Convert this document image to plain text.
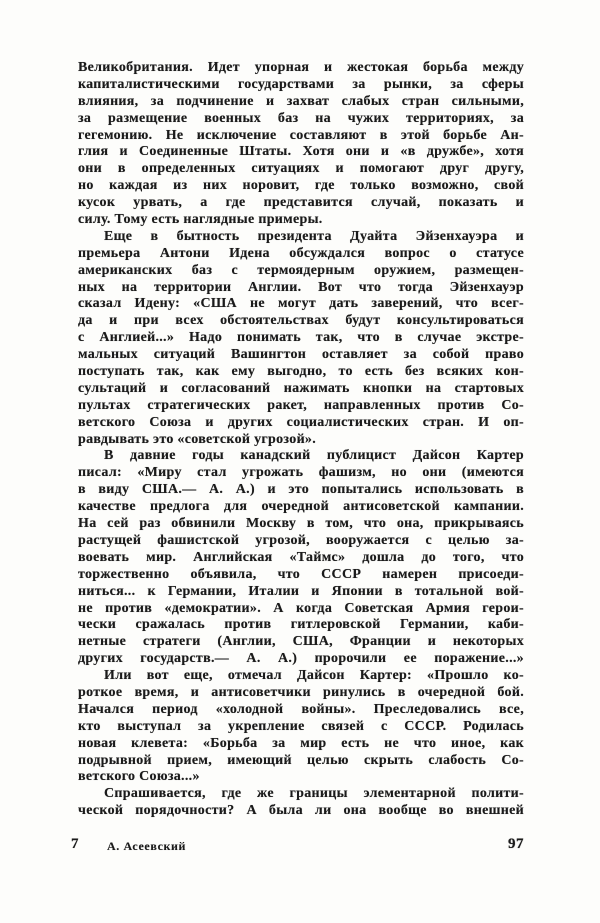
Великобритания. Идет упорная и жестокая борьба между
капиталистическими государствами за рынки, за сферы
влияния, за подчинение и захват слабых стран сильными,
за размещение военных баз на чужих территориях, за
гегемонию. Не исключение составляют в этой борьбе Ан-
глия и Соединенные Штаты. Хотя они и «в дружбе», хотя
они в определенных ситуациях и помогают друг другу,
но каждая из них норовит, где только возможно, свой
кусок урвать, а где представится случай, показать и
силу. Тому есть наглядные примеры.
Еще в бытность президента Дуайта Эйзенхауэра и
премьера Антони Идена обсуждался вопрос о статусе
американских баз с термоядерным оружием, размещен-
ных на территории Англии. Вот что тогда Эйзенхауэр
сказал Идену: «США не могут дать заверений, что всег-
да и при всех обстоятельствах будут консультироваться
с Англией...» Надо понимать так, что в случае экстре-
мальных ситуаций Вашингтон оставляет за собой право
поступать так, как ему выгодно, то есть без всяких кон-
сультаций и согласований нажимать кнопки на стартовых
пультах стратегических ракет, направленных против Со-
ветского Союза и других социалистических стран. И оп-
равдывать это «советской угрозой».
В давние годы канадский публицист Дайсон Картер
писал: «Миру стал угрожать фашизм, но они (имеются
в виду США.— А. А.) и это попытались использовать в
качестве предлога для очередной антисоветской кампании.
На сей раз обвинили Москву в том, что она, прикрываясь
растущей фашистской угрозой, вооружается с целью за-
воевать мир. Английская «Таймс» дошла до того, что
торжественно объявила, что СССР намерен присоеди-
ниться... к Германии, Италии и Японии в тотальной вой-
не против «демократии». А когда Советская Армия герои-
чески сражалась против гитлеровской Германии, каби-
нетные стратеги (Англии, США, Франции и некоторых
других государств.— А. А.) пророчили ее поражение...»
Или вот еще, отмечал Дайсон Картер: «Прошло ко-
роткое время, и антисоветчики ринулись в очередной бой.
Начался период «холодной войны». Преследовались все,
кто выступал за укрепление связей с СССР. Родилась
новая клевета: «Борьба за мир есть не что иное, как
подрывной прием, имеющий целью скрыть слабость Со-
ветского Союза...»
Спрашивается, где же границы элементарной полити-
ческой порядочности? А была ли она вообще во внешней
7 А. Асеевский	97
